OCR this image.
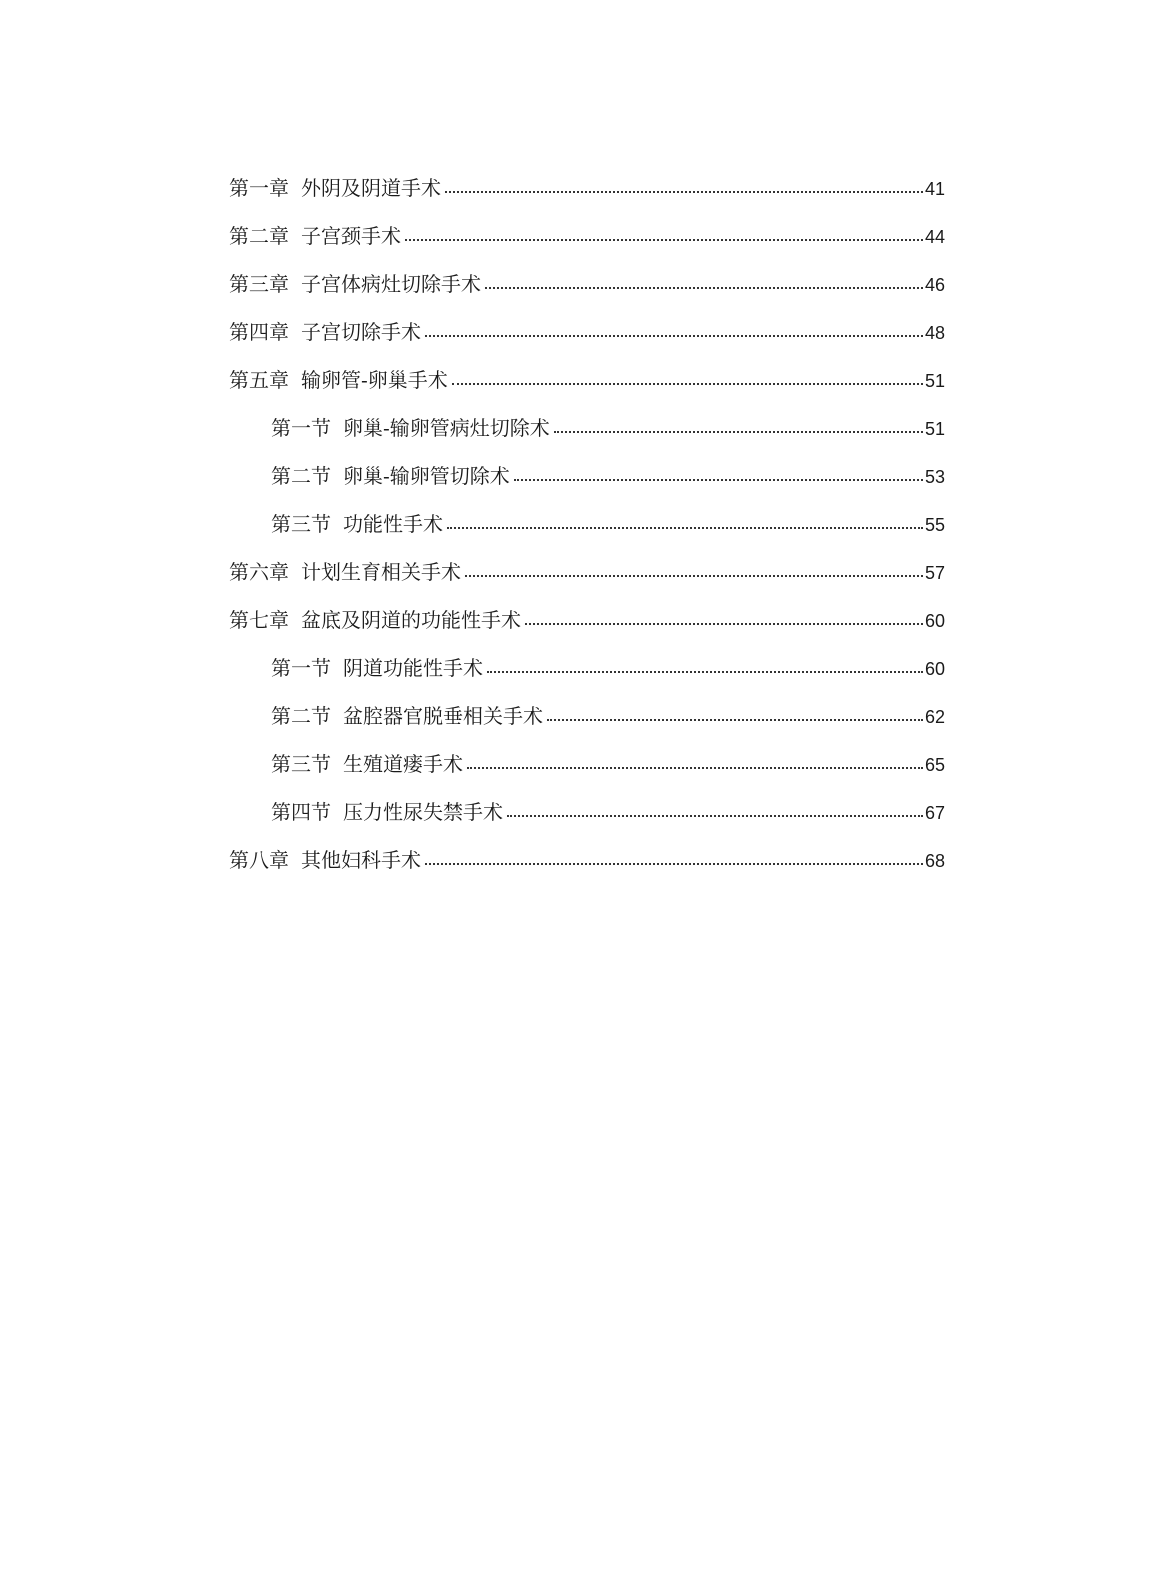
第一章 外阴及阴道手术	41
第二章 子宫颈手术	44
第三章 子宫体病灶切除手术	46
第四章 子宫切除手术	48
第五章 输卵管-卵巢手术	51
第一节 卵巢-输卵管病灶切除术	51
第二节 卵巢-输卵管切除术	53
第三节 功能性手术	55
第六章 计划生育相关手术	57
第七章 盆底及阴道的功能性手术	60
第一节 阴道功能性手术	60
第二节 盆腔器官脱垂相关手术	62
第三节 生殖道瘘手术	65
第四节 压力性尿失禁手术	67
第八章 其他妇科手术	68
